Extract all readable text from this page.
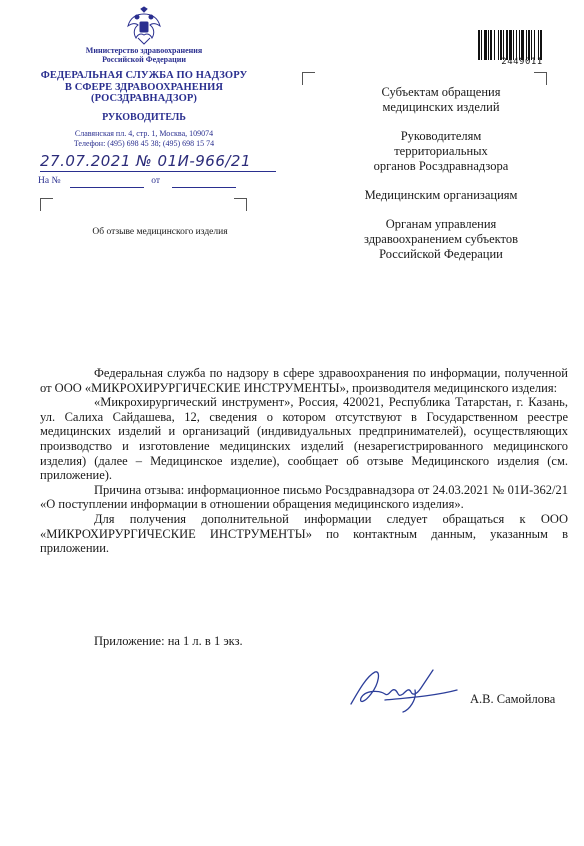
Министерство здравоохранения
Российской Федерации
ФЕДЕРАЛЬНАЯ СЛУЖБА ПО НАДЗОРУ
В СФЕРЕ ЗДРАВООХРАНЕНИЯ
(РОСЗДРАВНАДЗОР)
РУКОВОДИТЕЛЬ
Славянская пл. 4, стр. 1, Москва, 109074
Телефон: (495) 698 45 38; (495) 698 15 74
27.07.2021 № 01И-966/21
На №	от
Об отзыве медицинского изделия
2449011
Субъектам обращения
медицинских изделий
Руководителям
территориальных
органов Росздравнадзора
Медицинским организациям
Органам управления
здравоохранением субъектов
Российской Федерации

Федеральная служба по надзору в сфере здравоохранения по информации, полученной от ООО «МИКРОХИРУРГИЧЕСКИЕ ИНСТРУМЕНТЫ», производителя медицинского изделия:

«Микрохирургический инструмент», Россия, 420021, Республика Татарстан, г. Казань, ул. Салиха Сайдашева, 12, сведения о котором отсутствуют в Государственном реестре медицинских изделий и организаций (индивидуальных предпринимателей), осуществляющих производство и изготовление медицинских изделий (незарегистрированного медицинского изделия) (далее – Медицинское изделие), сообщает об отзыве Медицинского изделия (см. приложение).

Причина отзыва: информационное письмо Росздравнадзора от 24.03.2021 № 01И-362/21 «О поступлении информации в отношении обращения медицинского изделия».

Для получения дополнительной информации следует обращаться к ООО «МИКРОХИРУРГИЧЕСКИЕ ИНСТРУМЕНТЫ» по контактным данным, указанным в приложении.

Приложение: на 1 л. в 1 экз.
А.В. Самойлова
